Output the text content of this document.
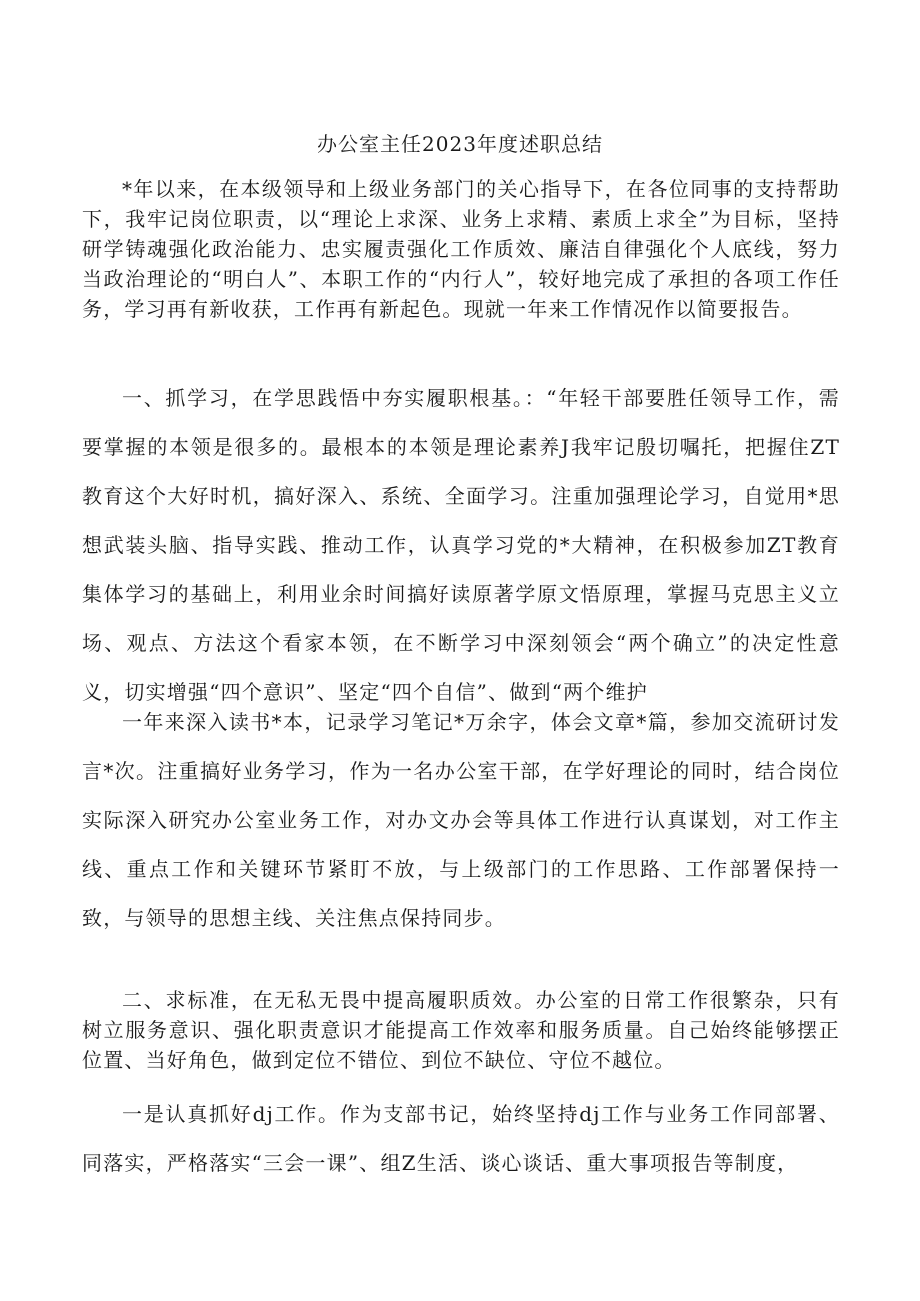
办公室主任2023年度述职总结

*年以来，在本级领导和上级业务部门的关心指导下，在各位同事的支持帮助下，我牢记岗位职责，以“理论上求深、业务上求精、素质上求全”为目标，坚持研学铸魂强化政治能力、忠实履责强化工作质效、廉洁自律强化个人底线，努力当政治理论的“明白人”、本职工作的“内行人”，较好地完成了承担的各项工作任务，学习再有新收获，工作再有新起色。现就一年来工作情况作以简要报告。

一、抓学习，在学思践悟中夯实履职根基。：“年轻干部要胜任领导工作，需要掌握的本领是很多的。最根本的本领是理论素养J我牢记殷切嘱托，把握住ZT教育这个大好时机，搞好深入、系统、全面学习。注重加强理论学习，自觉用*思想武装头脑、指导实践、推动工作，认真学习党的*大精神，在积极参加ZT教育集体学习的基础上，利用业余时间搞好读原著学原文悟原理，掌握马克思主义立场、观点、方法这个看家本领，在不断学习中深刻领会“两个确立”的决定性意义，切实增强“四个意识”、坚定“四个自信”、做到“两个维护

一年来深入读书*本，记录学习笔记*万余字，体会文章*篇，参加交流研讨发言*次。注重搞好业务学习，作为一名办公室干部，在学好理论的同时，结合岗位实际深入研究办公室业务工作，对办文办会等具体工作进行认真谋划，对工作主线、重点工作和关键环节紧盯不放，与上级部门的工作思路、工作部署保持一致，与领导的思想主线、关注焦点保持同步。

二、求标准，在无私无畏中提高履职质效。办公室的日常工作很繁杂，只有树立服务意识、强化职责意识才能提高工作效率和服务质量。自己始终能够摆正位置、当好角色，做到定位不错位、到位不缺位、守位不越位。

一是认真抓好dj工作。作为支部书记，始终坚持dj工作与业务工作同部署、同落实，严格落实“三会一课”、组Z生活、谈心谈话、重大事项报告等制度，
